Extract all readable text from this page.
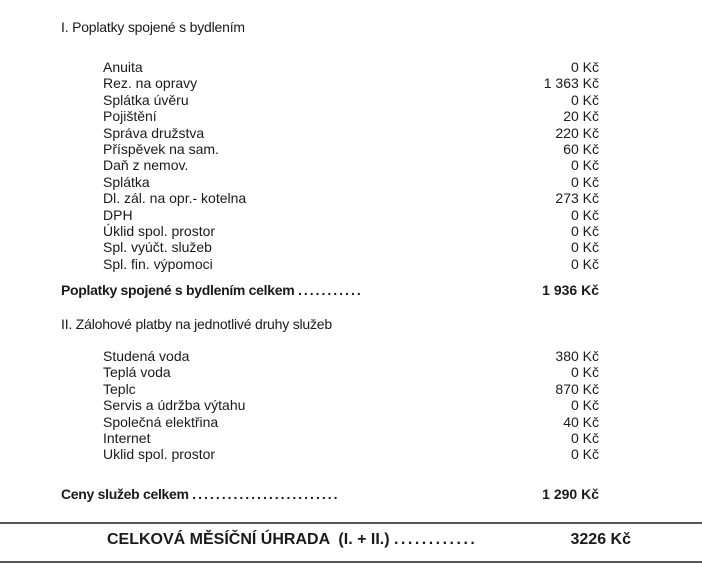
I. Poplatky spojené s bydlením
Anuita	0 Kč
Rez. na opravy	1 363 Kč
Splátka úvěru	0 Kč
Pojištění	20 Kč
Správa družstva	220 Kč
Příspěvek na sam.	60 Kč
Daň z nemov.	0 Kč
Splátka	0 Kč
Dl. zál. na opr.- kotelna	273 Kč
DPH	0 Kč
Úklid spol. prostor	0 Kč
Spl. vyúčt. služeb	0 Kč
Spl. fin. výpomoci	0 Kč
Poplatky spojené s bydlením celkem ...........	1 936 Kč
II. Zálohové platby na jednotlivé druhy služeb
Studená voda	380 Kč
Teplá voda	0 Kč
Teplc	870 Kč
Servis a údržba výtahu	0 Kč
Společná elektřina	40 Kč
Internet	0 Kč
Uklid spol. prostor	0 Kč
Ceny služeb celkem .........................	1 290 Kč
CELKOVÁ MĚSÍČNÍ ÚHRADA  (I. + II.) ............	3226 Kč
